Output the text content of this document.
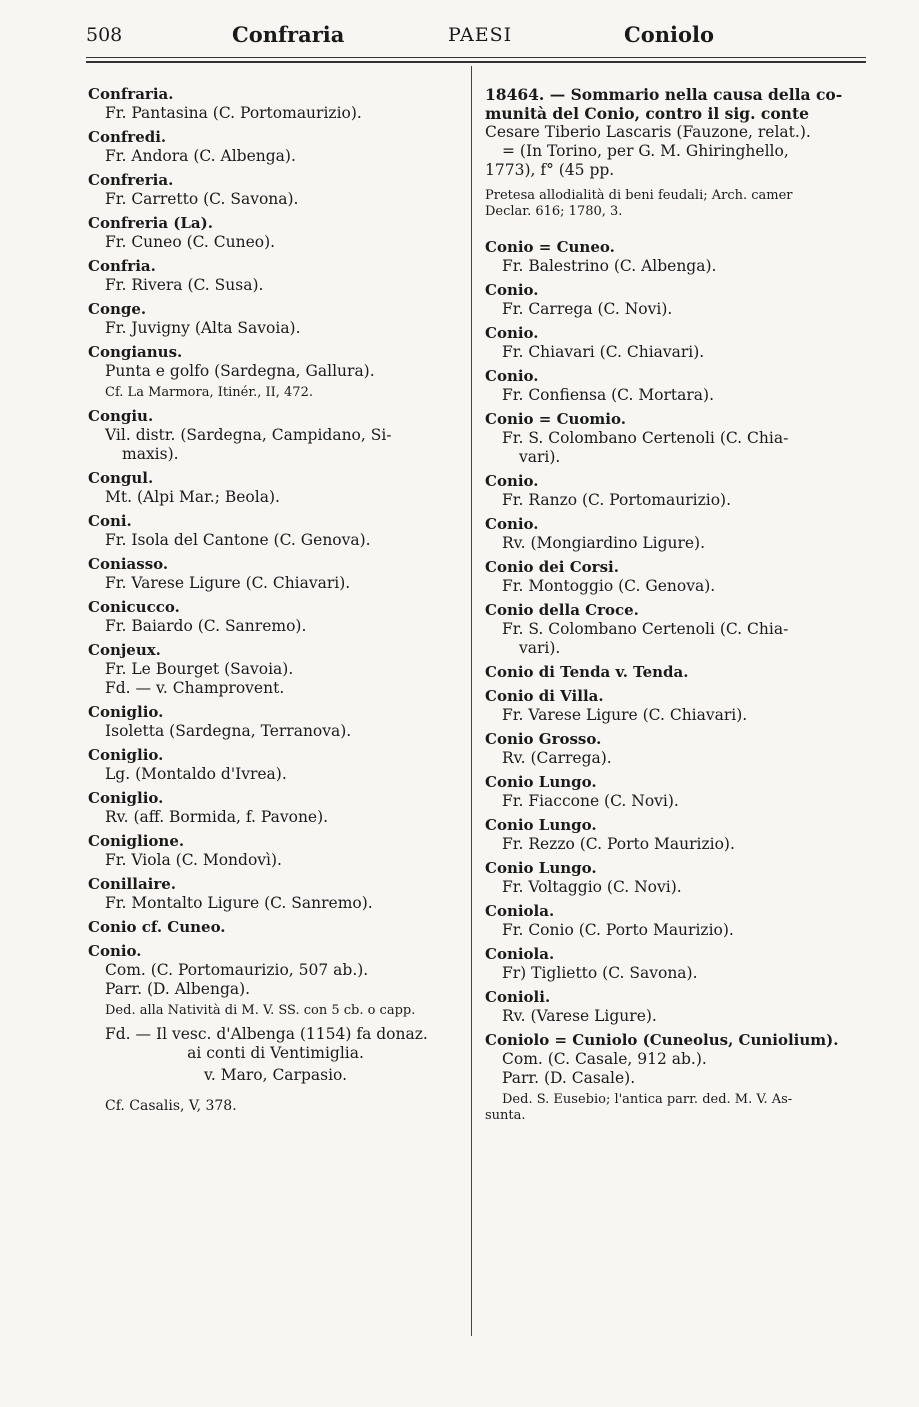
508	Confraria	PAESI	Coniolo
Confraria.
Fr. Pantasina (C. Portomaurizio).
Confredi.
Fr. Andora (C. Albenga).
Confreria.
Fr. Carretto (C. Savona).
Confreria (La).
Fr. Cuneo (C. Cuneo).
Confria.
Fr. Rivera (C. Susa).
Conge.
Fr. Juvigny (Alta Savoia).
Congianus.
Punta e golfo (Sardegna, Gallura).
Cf. La Marmora, Itinér., II, 472.
Congiu.
Vil. distr. (Sardegna, Campidano, Si-
maxis).
Congul.
Mt. (Alpi Mar.; Beola).
Coni.
Fr. Isola del Cantone (C. Genova).
Coniasso.
Fr. Varese Ligure (C. Chiavari).
Conicucco.
Fr. Baiardo (C. Sanremo).
Conjeux.
Fr. Le Bourget (Savoia).
Fd. — v. Champrovent.
Coniglio.
Isoletta (Sardegna, Terranova).
Coniglio.
Lg. (Montaldo d'Ivrea).
Coniglio.
Rv. (aff. Bormida, f. Pavone).
Coniglione.
Fr. Viola (C. Mondovì).
Conillaire.
Fr. Montalto Ligure (C. Sanremo).
Conio cf. Cuneo.
Conio.
Com. (C. Portomaurizio, 507 ab.).
Parr. (D. Albenga).
Ded. alla Natività di M. V. SS. con 5 cb. o capp.
Fd. — Il vesc. d'Albenga (1154) fa donaz.
ai conti di Ventimiglia.
v. Maro, Carpasio.
Cf. Casalis, V, 378.
18464. — Sommario nella causa della co-
munità del Conio, contro il sig. conte
Cesare Tiberio Lascaris (Fauzone, relat.).
= (In Torino, per G. M. Ghiringhello,
1773), f° (45 pp.
Pretesa allodialità di beni feudali; Arch. camer
Declar. 616; 1780, 3.
Conio = Cuneo.
Fr. Balestrino (C. Albenga).
Conio.
Fr. Carrega (C. Novi).
Conio.
Fr. Chiavari (C. Chiavari).
Conio.
Fr. Confiensa (C. Mortara).
Conio = Cuomio.
Fr. S. Colombano Certenoli (C. Chia-
vari).
Conio.
Fr. Ranzo (C. Portomaurizio).
Conio.
Rv. (Mongiardino Ligure).
Conio dei Corsi.
Fr. Montoggio (C. Genova).
Conio della Croce.
Fr. S. Colombano Certenoli (C. Chia-
vari).
Conio di Tenda v. Tenda.
Conio di Villa.
Fr. Varese Ligure (C. Chiavari).
Conio Grosso.
Rv. (Carrega).
Conio Lungo.
Fr. Fiaccone (C. Novi).
Conio Lungo.
Fr. Rezzo (C. Porto Maurizio).
Conio Lungo.
Fr. Voltaggio (C. Novi).
Coniola.
Fr. Conio (C. Porto Maurizio).
Coniola.
Fr) Tiglietto (C. Savona).
Conioli.
Rv. (Varese Ligure).
Coniolo = Cuniolo (Cuneolus, Cuniolium).
Com. (C. Casale, 912 ab.).
Parr. (D. Casale).
Ded. S. Eusebio; l'antica parr. ded. M. V. As-
sunta.
